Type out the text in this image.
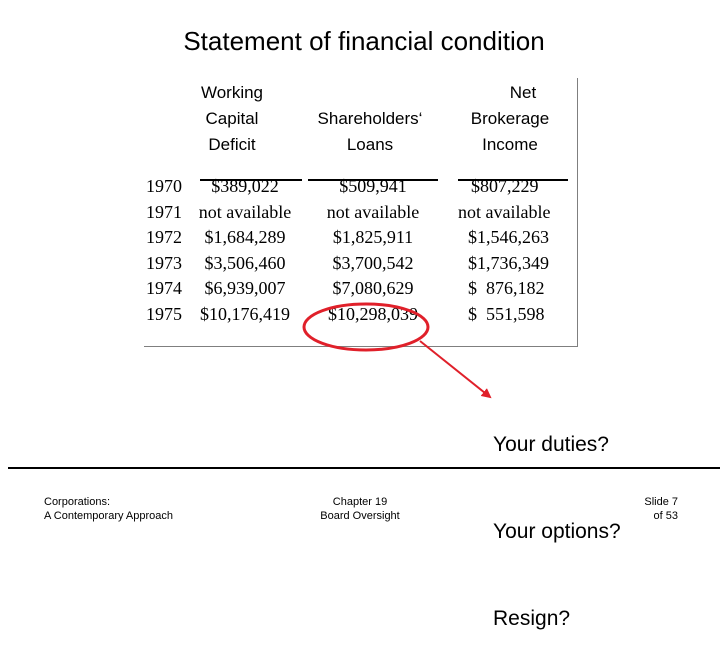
Statement of financial condition
Working
Capital
Deficit
Shareholders‘
Loans
Net
Brokerage
Income
1970
1971
1972
1973
1974
1975
$389,022
not available
$1,684,289
$3,506,460
$6,939,007
$10,176,419
$509,941
not available
$1,825,911
$3,700,542
$7,080,629
$10,298,039
$807,229
not available
$1,546,263
$1,736,349
$  876,182
$  551,598

Your duties?

Your options?

Resign?

Corporations:
A Contemporary Approach
Chapter 19
Board Oversight
Slide 7
of 53
